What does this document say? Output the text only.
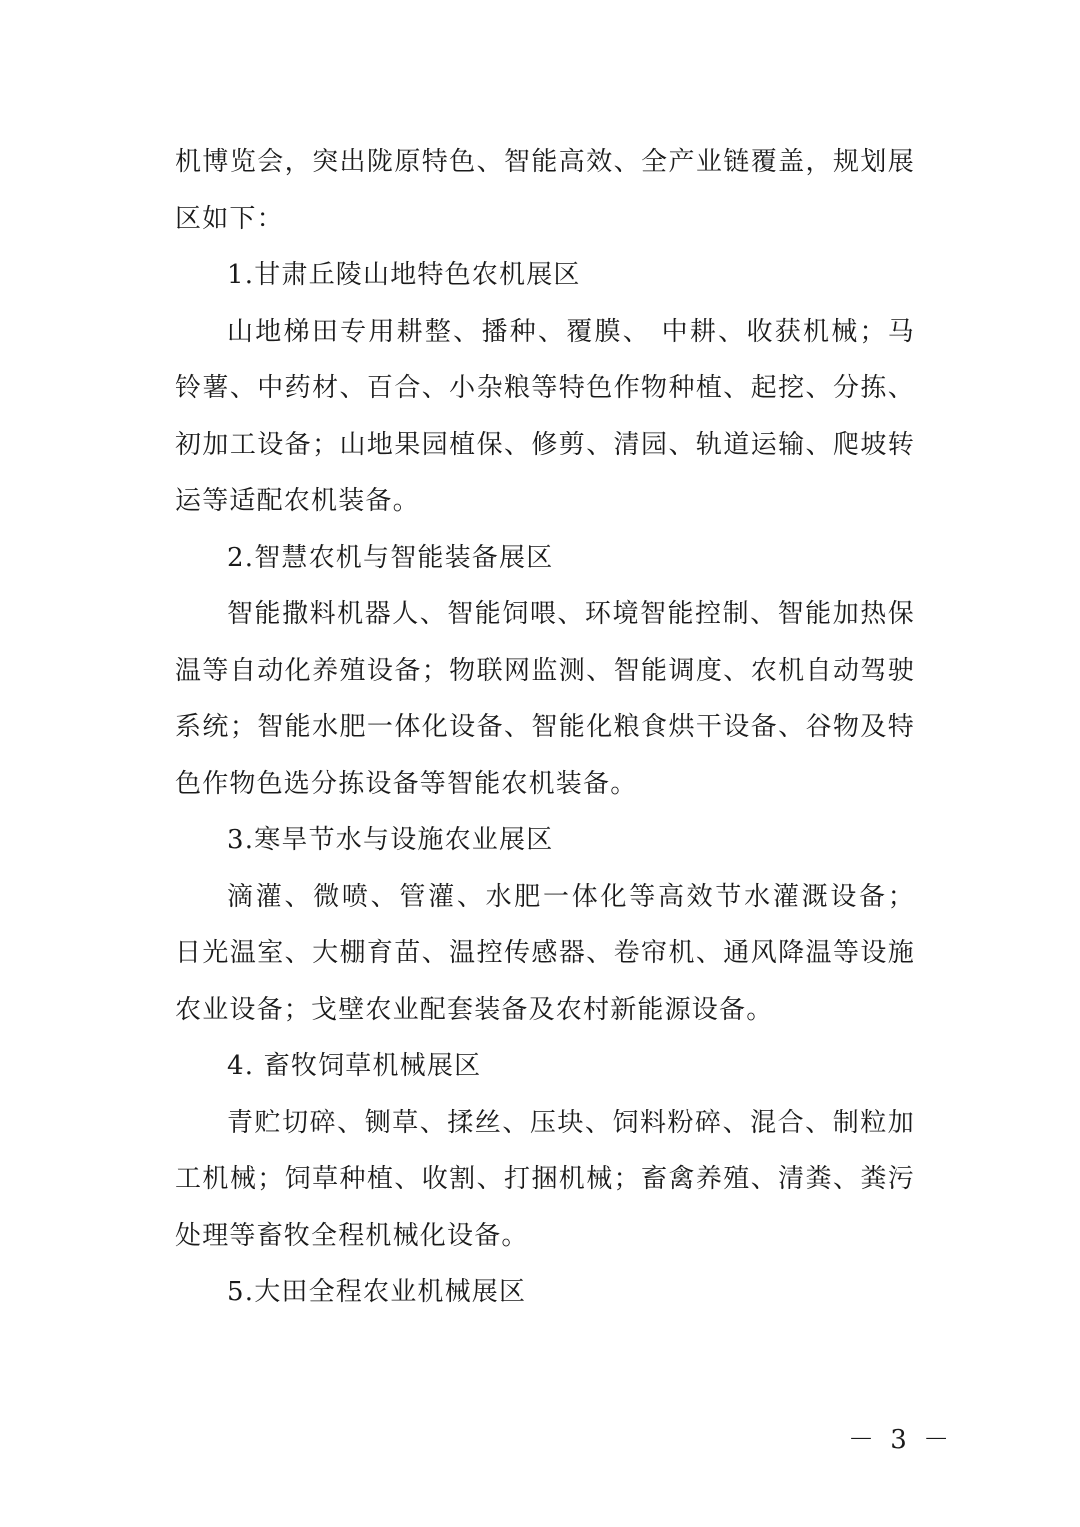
机博览会，突出陇原特色、智能高效、全产业链覆盖，规划展区如下：

1.甘肃丘陵山地特色农机展区

山地梯田专用耕整、播种、覆膜、 中耕、收获机械；马铃薯、中药材、百合、小杂粮等特色作物种植、起挖、分拣、初加工设备；山地果园植保、修剪、清园、轨道运输、爬坡转运等适配农机装备。

2.智慧农机与智能装备展区

智能撒料机器人、智能饲喂、环境智能控制、智能加热保温等自动化养殖设备；物联网监测、智能调度、农机自动驾驶系统；智能水肥一体化设备、智能化粮食烘干设备、谷物及特色作物色选分拣设备等智能农机装备。

3.寒旱节水与设施农业展区

滴灌、微喷、管灌、水肥一体化等高效节水灌溉设备； 日光温室、大棚育苗、温控传感器、卷帘机、通风降温等设施农业设备；戈壁农业配套装备及农村新能源设备。

4. 畜牧饲草机械展区

青贮切碎、铡草、揉丝、压块、饲料粉碎、混合、制粒加工机械；饲草种植、收割、打捆机械；畜禽养殖、清粪、粪污处理等畜牧全程机械化设备。

5.大田全程农业机械展区

－ 3 －
